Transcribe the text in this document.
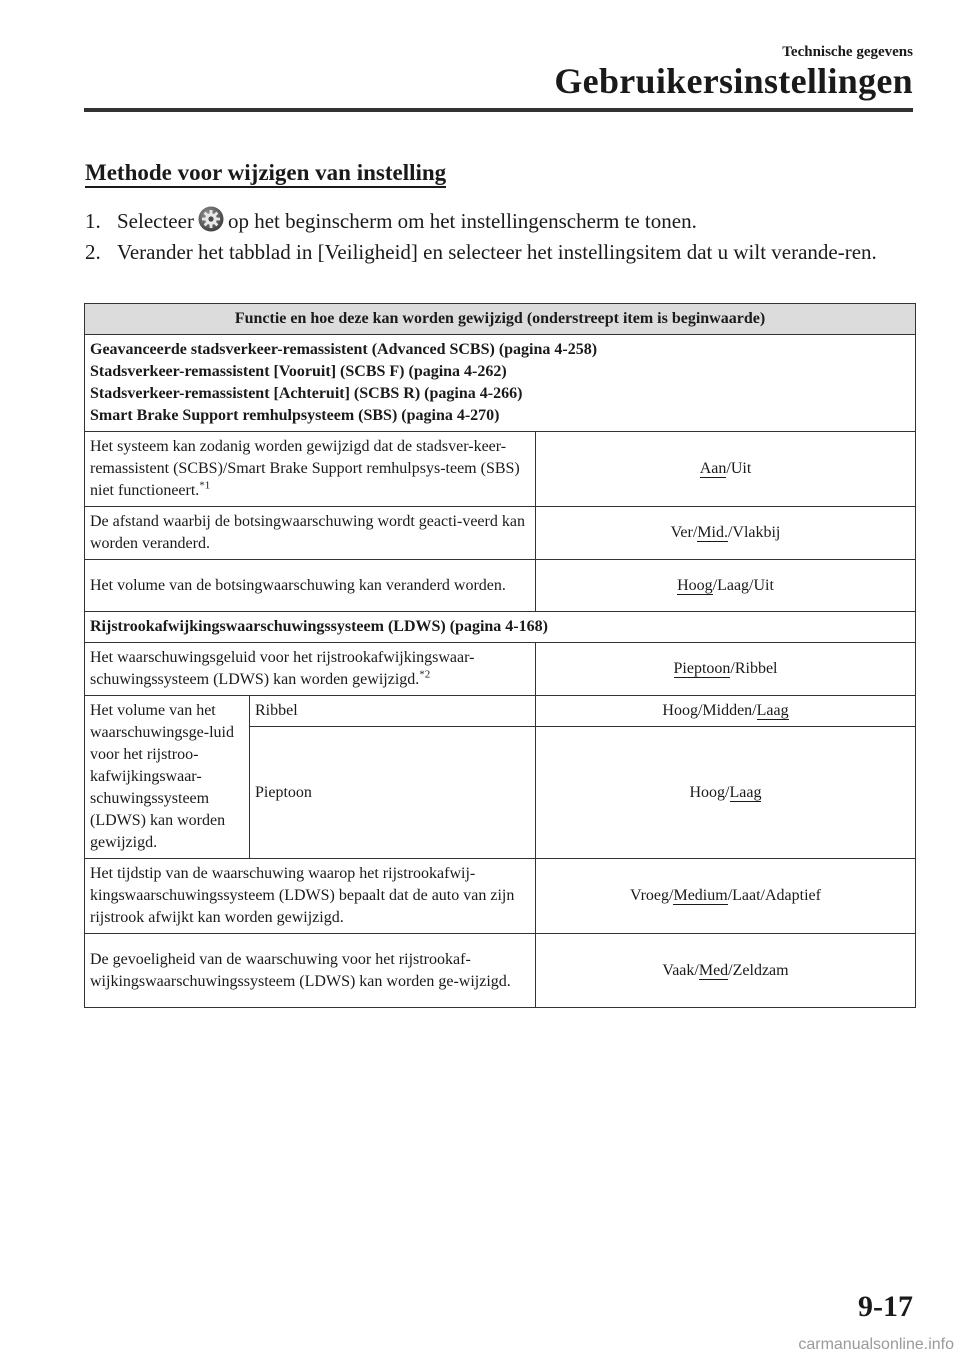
Technische gegevens
Gebruikersinstellingen
Methode voor wijzigen van instelling
1. Selecteer op het beginscherm om het instellingenscherm te tonen.
2. Verander het tabblad in [Veiligheid] en selecteer het instellingsitem dat u wilt verande-ren.
Functie en hoe deze kan worden gewijzigd (onderstreept item is beginwaarde)		

Geavanceerde stadsverkeer-remassistent (Advanced SCBS) (pagina 4-258)
Stadsverkeer-remassistent [Vooruit] (SCBS F) (pagina 4-262)
Stadsverkeer-remassistent [Achteruit] (SCBS R) (pagina 4-266)
Smart Brake Support remhulpsysteem (SBS) (pagina 4-270)		

Het systeem kan zodanig worden gewijzigd dat de stadsver-keer-remassistent (SCBS)/Smart Brake Support remhulpsys-teem (SBS) niet functioneert.$^{*1}$		Aan/Uit
De afstand waarbij de botsingwaarschuwing wordt geacti-veerd kan worden veranderd.		Ver/Mid./Vlakbij
Het volume van de botsingwaarschuwing kan veranderd worden.		Hoog/Laag/Uit
Rijstrookafwijkingswaarschuwingssysteem (LDWS) (pagina 4-168)		
Het waarschuwingsgeluid voor het rijstrookafwijkingswaar-schuwingssysteem (LDWS) kan worden gewijzigd.$^{*2}$		Pieptoon/Ribbel
Het volume van het waarschuwingsge-luid voor het rijstroo-kafwijkingswaar-schuwingssysteem (LDWS) kan worden gewijzigd.	Ribbel	Hoog/Midden/Laag
	Pieptoon	Hoog/Laag
Het tijdstip van de waarschuwing waarop het rijstrookafwij-kingswaarschuwingssysteem (LDWS) bepaalt dat de auto van zijn rijstrook afwijkt kan worden gewijzigd.		Vroeg/Medium/Laat/Adaptief
De gevoeligheid van de waarschuwing voor het rijstrookaf-wijkingswaarschuwingssysteem (LDWS) kan worden ge-wijzigd.		Vaak/Med/Zeldzam
9-17
carmanualsonline.info
